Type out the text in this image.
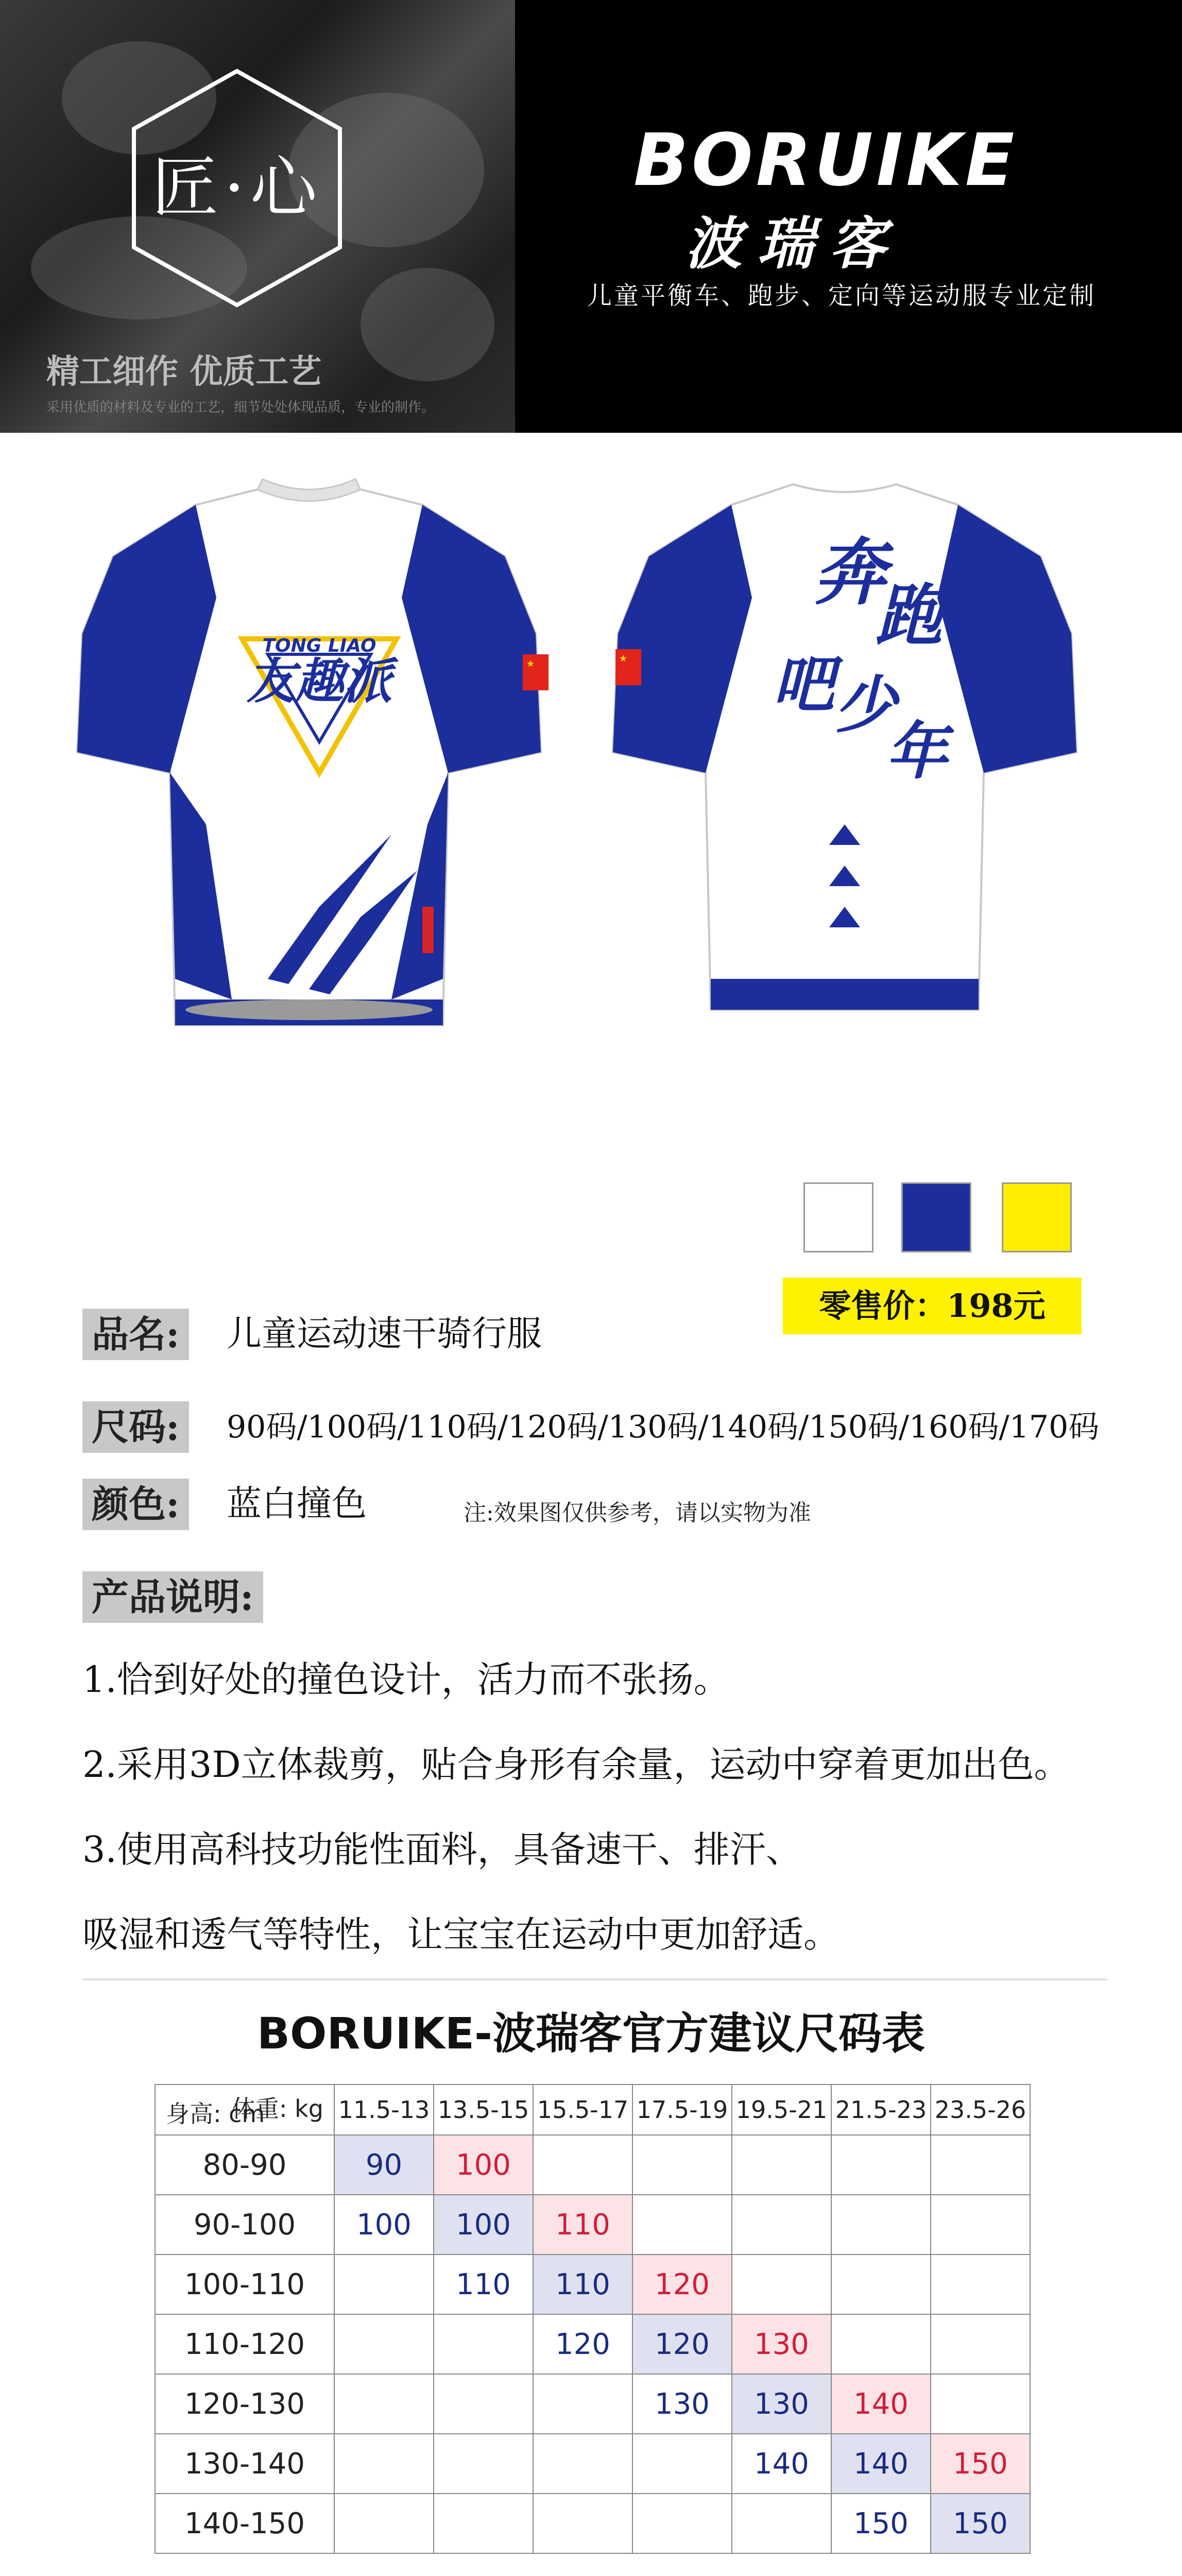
匠·心
精工细作 优质工艺
采用优质的材料及专业的工艺，细节处处体现品质，专业的制作。
BORUIKE
波瑞客
儿童平衡车、跑步、定向等运动服专业定制
★
TONG LIAO
友趣派	★
奔
跑
吧 少
年
品名: 儿童运动速干骑行服
零售价：198元
尺码:	90码/100码/110码/120码/130码/140码/150码/160码/170码
颜色: 蓝白撞色	注:效果图仅供参考，请以实物为准
产品说明:
1.恰到好处的撞色设计，活力而不张扬。
2.采用3D立体裁剪，贴合身形有余量，运动中穿着更加出色。
3.使用高科技功能性面料，具备速干、排汗、
吸湿和透气等特性，让宝宝在运动中更加舒适。
BORUIKE-波瑞客官方建议尺码表
体重: kg
身高: cm	11.5-13	13.5-15	15.5-17	17.5-19	19.5-21	21.5-23	23.5-26
80-90	90	100					
90-100	100	100	110				
100-110		110	110	120			
110-120			120	120	130		
120-130				130	130	140	
130-140					140	140	150
140-150						150	150
